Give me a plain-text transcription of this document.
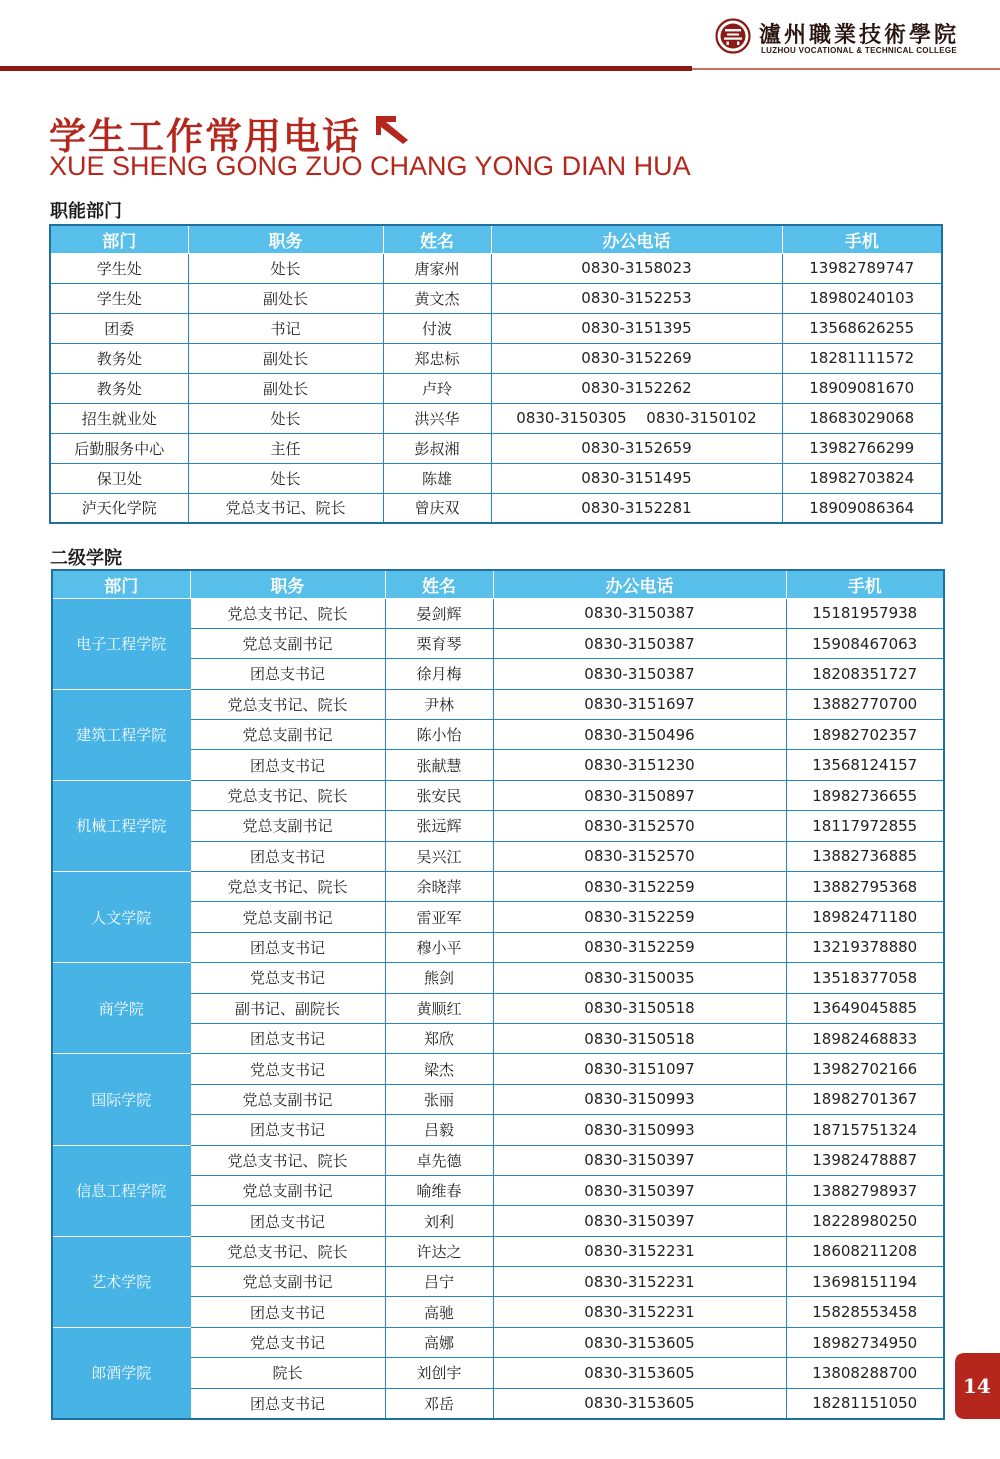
瀘州職業技術學院
LUZHOU VOCATIONAL & TECHNICAL COLLEGE
学生工作常用电话
XUE SHENG GONG ZUO CHANG YONG DIAN HUA
职能部门
部门	职务	姓名	办公电话	手机
学生处	处长	唐家州	0830-3158023	13982789747
学生处	副处长	黄文杰	0830-3152253	18980240103
团委	书记	付波	0830-3151395	13568626255
教务处	副处长	郑忠标	0830-3152269	18281111572
教务处	副处长	卢玲	0830-3152262	18909081670
招生就业处	处长	洪兴华	0830-3150305 0830-3150102	18683029068
后勤服务中心	主任	彭叔湘	0830-3152659	13982766299
保卫处	处长	陈雄	0830-3151495	18982703824
泸天化学院	党总支书记、院长	曾庆双	0830-3152281	18909086364
二级学院
部门	职务	姓名	办公电话	手机
电子工程学院	党总支书记、院长	晏剑辉	0830-3150387	15181957938
	党总支副书记	栗育琴	0830-3150387	15908467063
	团总支书记	徐月梅	0830-3150387	18208351727
建筑工程学院	党总支书记、院长	尹林	0830-3151697	13882770700
	党总支副书记	陈小怡	0830-3150496	18982702357
	团总支书记	张献慧	0830-3151230	13568124157
机械工程学院	党总支书记、院长	张安民	0830-3150897	18982736655
	党总支副书记	张远辉	0830-3152570	18117972855
	团总支书记	吴兴江	0830-3152570	13882736885
人文学院	党总支书记、院长	余晓萍	0830-3152259	13882795368
	党总支副书记	雷亚军	0830-3152259	18982471180
	团总支书记	穆小平	0830-3152259	13219378880
商学院	党总支书记	熊剑	0830-3150035	13518377058
	副书记、副院长	黄顺红	0830-3150518	13649045885
	团总支书记	郑欣	0830-3150518	18982468833
国际学院	党总支书记	梁杰	0830-3151097	13982702166
	党总支副书记	张丽	0830-3150993	18982701367
	团总支书记	吕毅	0830-3150993	18715751324
信息工程学院	党总支书记、院长	卓先德	0830-3150397	13982478887
	党总支副书记	喻维春	0830-3150397	13882798937
	团总支书记	刘利	0830-3150397	18228980250
艺术学院	党总支书记、院长	许达之	0830-3152231	18608211208
	党总支副书记	吕宁	0830-3152231	13698151194
	团总支书记	高驰	0830-3152231	15828553458
郎酒学院	党总支书记	高娜	0830-3153605	18982734950
	院长	刘创宇	0830-3153605	13808288700
	团总支书记	邓岳	0830-3153605	18281151050
14
